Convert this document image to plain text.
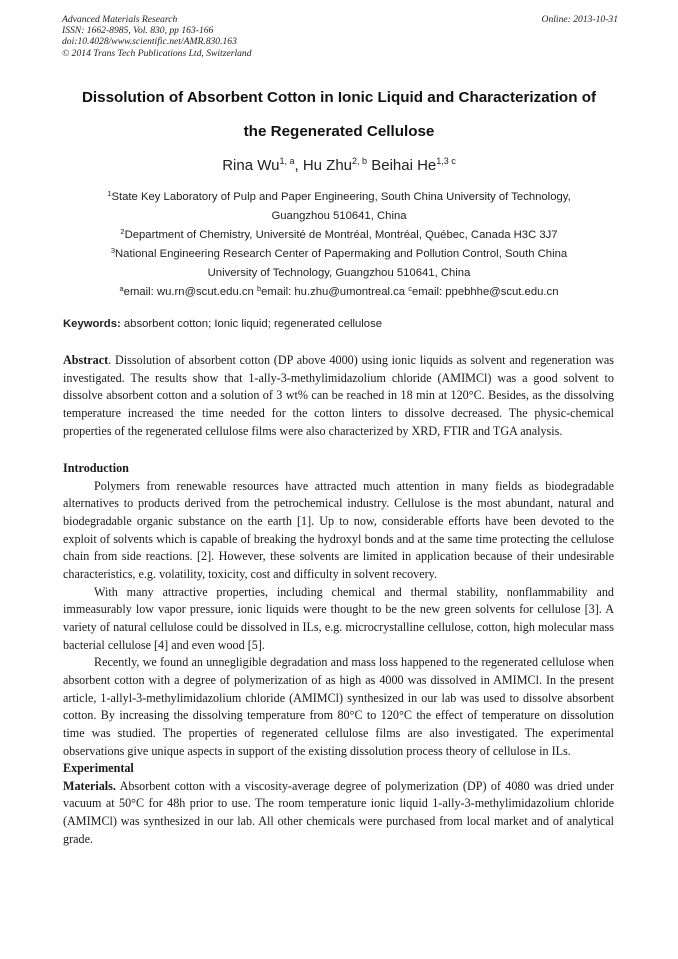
Advanced Materials Research
ISSN: 1662-8985, Vol. 830, pp 163-166
doi:10.4028/www.scientific.net/AMR.830.163
© 2014 Trans Tech Publications Ltd, Switzerland
Online: 2013-10-31
Dissolution of Absorbent Cotton in Ionic Liquid and Characterization of
the Regenerated Cellulose
Rina Wu$^{1, a}$, Hu Zhu$^{2, b}$ Beihai $He^{1,3 c}$
$^1$State Key Laboratory of Pulp and Paper Engineering, South China University of Technology,
Guangzhou 510641, China
$^2$Department of Chemistry, Université de Montréal, Montréal, Québec, Canada H3C 3J7
$^3$National Engineering Research Center of Papermaking and Pollution Control, South China
University of Technology, Guangzhou 510641, China
$^a$email: wu.rn@scut.edu.cn $^b$email: hu.zhu@umontreal.ca $^c$email: ppebhhe@scut.edu.cn
Keywords: absorbent cotton; Ionic liquid; regenerated cellulose

Abstract. Dissolution of absorbent cotton (DP above 4000) using ionic liquids as solvent and regeneration was investigated. The results show that 1-ally-3-methylimidazolium chloride (AMIMCl) was a good solvent to dissolve absorbent cotton and a solution of 3 wt% can be reached in 18 min at 120°C. Besides, as the dissolving temperature increased the time needed for the cotton linters to dissolve decreased. The physic-chemical properties of the regenerated cellulose films were also characterized by XRD, FTIR and TGA analysis.

Introduction

Polymers from renewable resources have attracted much attention in many fields as biodegradable alternatives to products derived from the petrochemical industry. Cellulose is the most abundant, natural and biodegradable organic substance on the earth [1]. Up to now, considerable efforts have been devoted to the exploit of solvents which is capable of breaking the hydroxyl bonds and at the same time protecting the cellulose chain from side reactions. [2]. However, these solvents are limited in application because of their undesirable characteristics, e.g. volatility, toxicity, cost and difficulty in solvent recovery.

With many attractive properties, including chemical and thermal stability, nonflammability and immeasurably low vapor pressure, ionic liquids were thought to be the new green solvents for cellulose [3]. A variety of natural cellulose could be dissolved in ILs, e.g. microcrystalline cellulose, cotton, high molecular mass bacterial cellulose [4] and even wood [5].

Recently, we found an unnegligible degradation and mass loss happened to the regenerated cellulose when absorbent cotton with a degree of polymerization of as high as 4000 was dissolved in AMIMCl. In the present article, 1-allyl-3-methylimidazolium chloride (AMIMCl) synthesized in our lab was used to dissolve absorbent cotton. By increasing the dissolving temperature from 80°C to 120°C the effect of temperature on dissolution time was studied. The properties of regenerated cellulose films are also investigated. The experimental observations give unique aspects in support of the existing dissolution process theory of cellulose in ILs.

Experimental

Materials. Absorbent cotton with a viscosity-average degree of polymerization (DP) of 4080 was dried under vacuum at 50°C for 48h prior to use. The room temperature ionic liquid 1-ally-3-methylimidazolium chloride (AMIMCl) was synthesized in our lab. All other chemicals were purchased from local market and of analytical grade.
